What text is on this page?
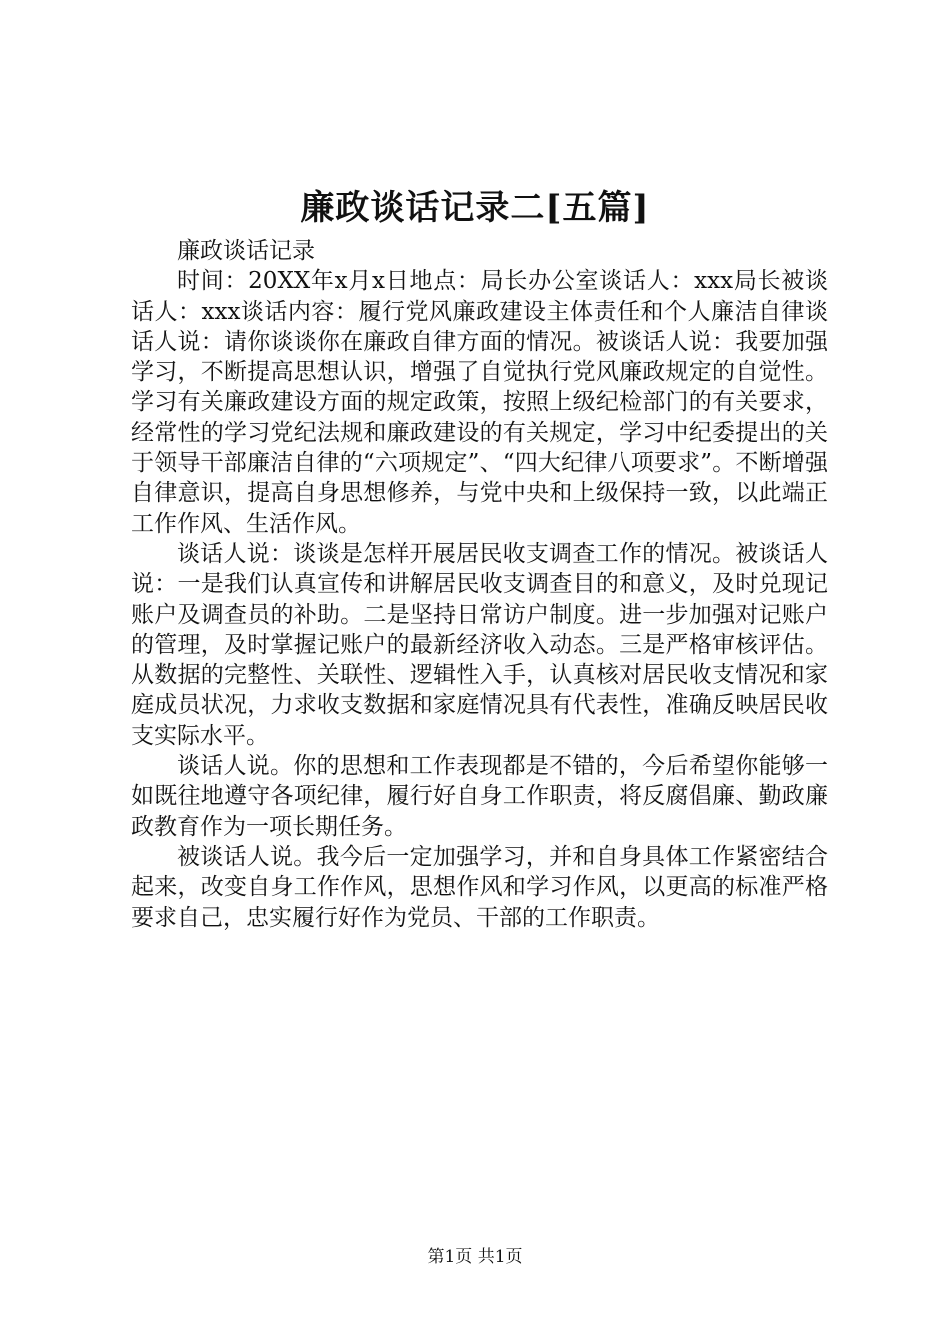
廉政谈话记录二[五篇]

廉政谈话记录

时间：20XX年x月x日地点：局长办公室谈话人：xxx局长被谈话人：xxx谈话内容：履行党风廉政建设主体责任和个人廉洁自律谈话人说：请你谈谈你在廉政自律方面的情况。被谈话人说：我要加强学习，不断提高思想认识，增强了自觉执行党风廉政规定的自觉性。学习有关廉政建设方面的规定政策，按照上级纪检部门的有关要求，经常性的学习党纪法规和廉政建设的有关规定，学习中纪委提出的关于领导干部廉洁自律的“六项规定”、“四大纪律八项要求”。不断增强自律意识，提高自身思想修养，与党中央和上级保持一致，以此端正工作作风、生活作风。

谈话人说：谈谈是怎样开展居民收支调查工作的情况。被谈话人说：一是我们认真宣传和讲解居民收支调查目的和意义，及时兑现记账户及调查员的补助。二是坚持日常访户制度。进一步加强对记账户的管理，及时掌握记账户的最新经济收入动态。三是严格审核评估。从数据的完整性、关联性、逻辑性入手，认真核对居民收支情况和家庭成员状况，力求收支数据和家庭情况具有代表性，准确反映居民收支实际水平。

谈话人说。你的思想和工作表现都是不错的，今后希望你能够一如既往地遵守各项纪律，履行好自身工作职责，将反腐倡廉、勤政廉政教育作为一项长期任务。

被谈话人说。我今后一定加强学习，并和自身具体工作紧密结合起来，改变自身工作作风，思想作风和学习作风，以更高的标准严格要求自己，忠实履行好作为党员、干部的工作职责。

第1页 共1页
